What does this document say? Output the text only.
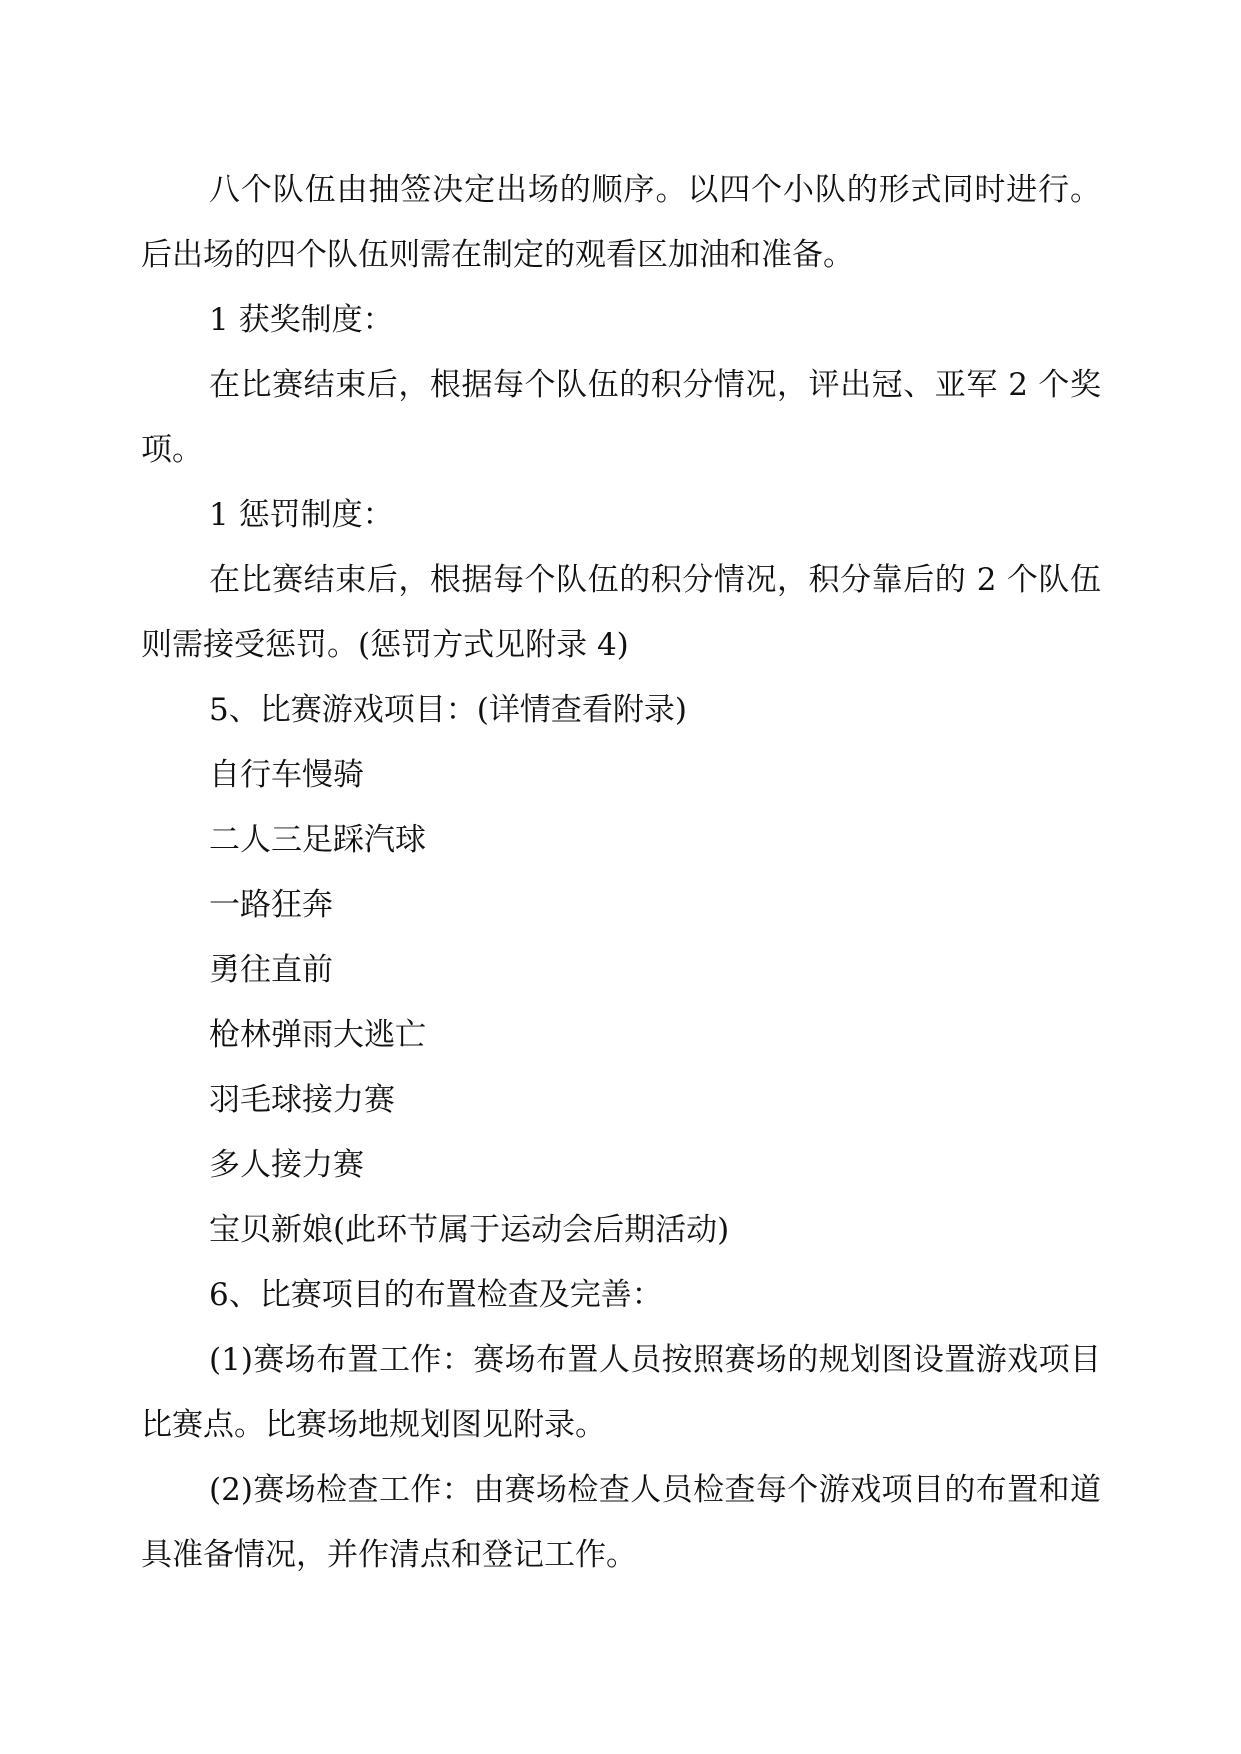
八个队伍由抽签决定出场的顺序。以四个小队的形式同时进行。后出场的四个队伍则需在制定的观看区加油和准备。

1 获奖制度：

在比赛结束后，根据每个队伍的积分情况，评出冠、亚军 2 个奖项。

1 惩罚制度：

在比赛结束后，根据每个队伍的积分情况，积分靠后的 2 个队伍则需接受惩罚。(惩罚方式见附录 4)

5、比赛游戏项目：(详情查看附录)

自行车慢骑

二人三足踩汽球

一路狂奔

勇往直前

枪林弹雨大逃亡

羽毛球接力赛

多人接力赛

宝贝新娘(此环节属于运动会后期活动)

6、比赛项目的布置检查及完善：

(1)赛场布置工作：赛场布置人员按照赛场的规划图设置游戏项目比赛点。比赛场地规划图见附录。

(2)赛场检查工作：由赛场检查人员检查每个游戏项目的布置和道具准备情况，并作清点和登记工作。
